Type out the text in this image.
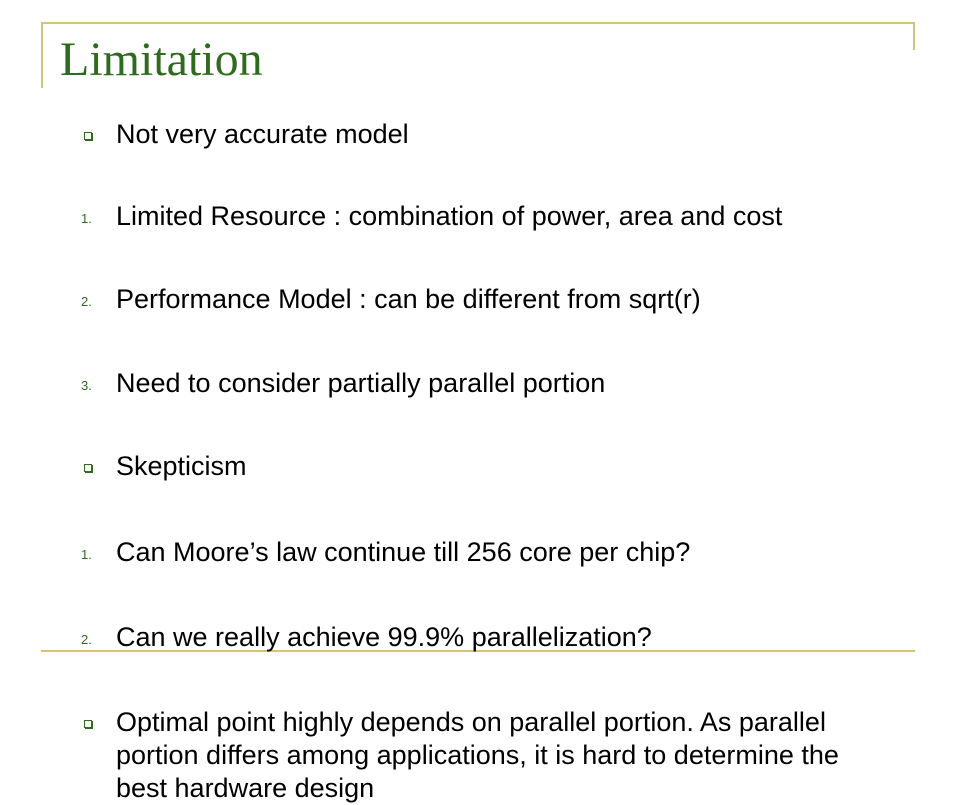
Limitation
Not very accurate model
1. Limited Resource : combination of power, area and cost
2. Performance Model : can be different from sqrt(r)
3. Need to consider partially parallel portion
Skepticism
1. Can Moore’s law continue till 256 core per chip?
2. Can we really achieve 99.9% parallelization?
Optimal point highly depends on parallel portion. As parallel portion differs among applications, it is hard to determine the best hardware design
